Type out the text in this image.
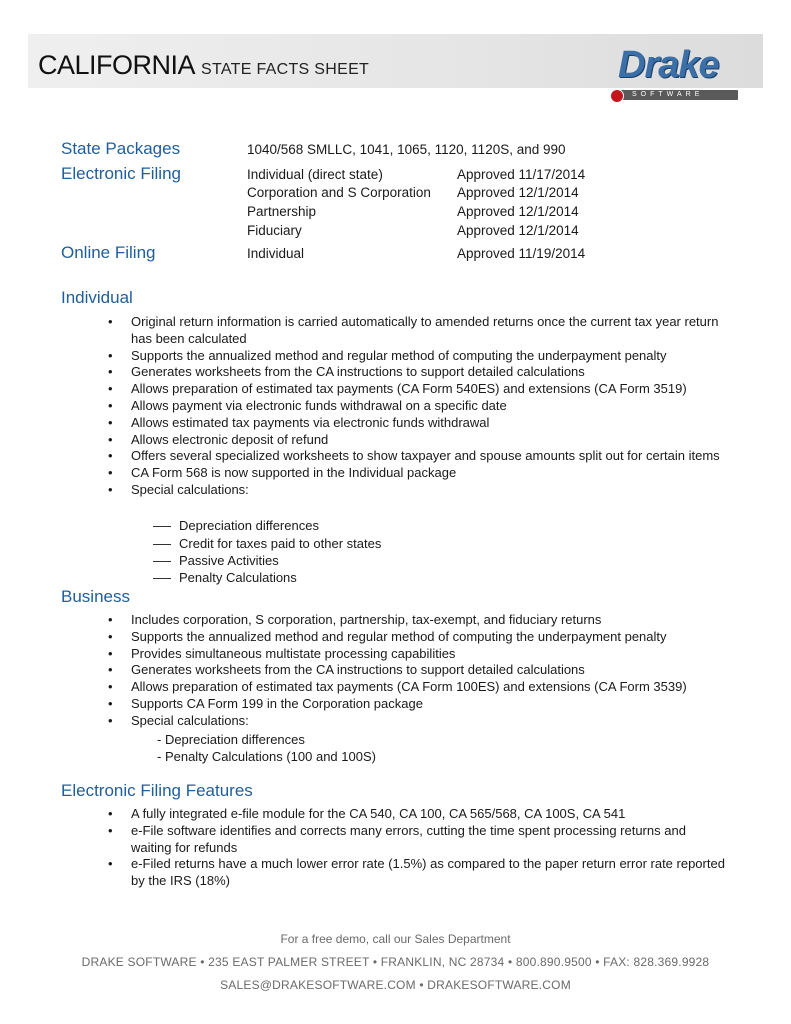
CALIFORNIA STATE FACTS SHEET	Drake
SOFTWARE
State Packages	1040/568 SMLLC, 1041, 1065, 1120, 1120S, and 990
Electronic Filing	Individual (direct state)	Approved 11/17/2014
Corporation and S Corporation Approved 12/1/2014
Partnership	Approved 12/1/2014
Fiduciary	Approved 12/1/2014
Online Filing	Individual	Approved 11/19/2014
Individual
• Original return information is carried automatically to amended returns once the current tax year return has been calculated
• Supports the annualized method and regular method of computing the underpayment penalty
• Generates worksheets from the CA instructions to support detailed calculations
• Allows preparation of estimated tax payments (CA Form 540ES) and extensions (CA Form 3519)
• Allows payment via electronic funds withdrawal on a specific date
• Allows estimated tax payments via electronic funds withdrawal
• Allows electronic deposit of refund
• Offers several specialized worksheets to show taxpayer and spouse amounts split out for certain items
• CA Form 568 is now supported in the Individual package
• Special calculations:
Depreciation differences
Credit for taxes paid to other states
Passive Activities
Penalty Calculations
Business
• Includes corporation, S corporation, partnership, tax-exempt, and fiduciary returns
• Supports the annualized method and regular method of computing the underpayment penalty
• Provides simultaneous multistate processing capabilities
• Generates worksheets from the CA instructions to support detailed calculations
• Allows preparation of estimated tax payments (CA Form 100ES) and extensions (CA Form 3539)
• Supports CA Form 199 in the Corporation package
• Special calculations:
- Depreciation differences
- Penalty Calculations (100 and 100S)
Electronic Filing Features
• A fully integrated e-file module for the CA 540, CA 100, CA 565/568, CA 100S, CA 541
• e-File software identifies and corrects many errors, cutting the time spent processing returns and waiting for refunds
• e-Filed returns have a much lower error rate (1.5%) as compared to the paper return error rate reported by the IRS (18%)
For a free demo, call our Sales Department
DRAKE SOFTWARE • 235 EAST PALMER STREET • FRANKLIN, NC 28734 • 800.890.9500 • FAX: 828.369.9928
SALES@DRAKESOFTWARE.COM • DRAKESOFTWARE.COM
